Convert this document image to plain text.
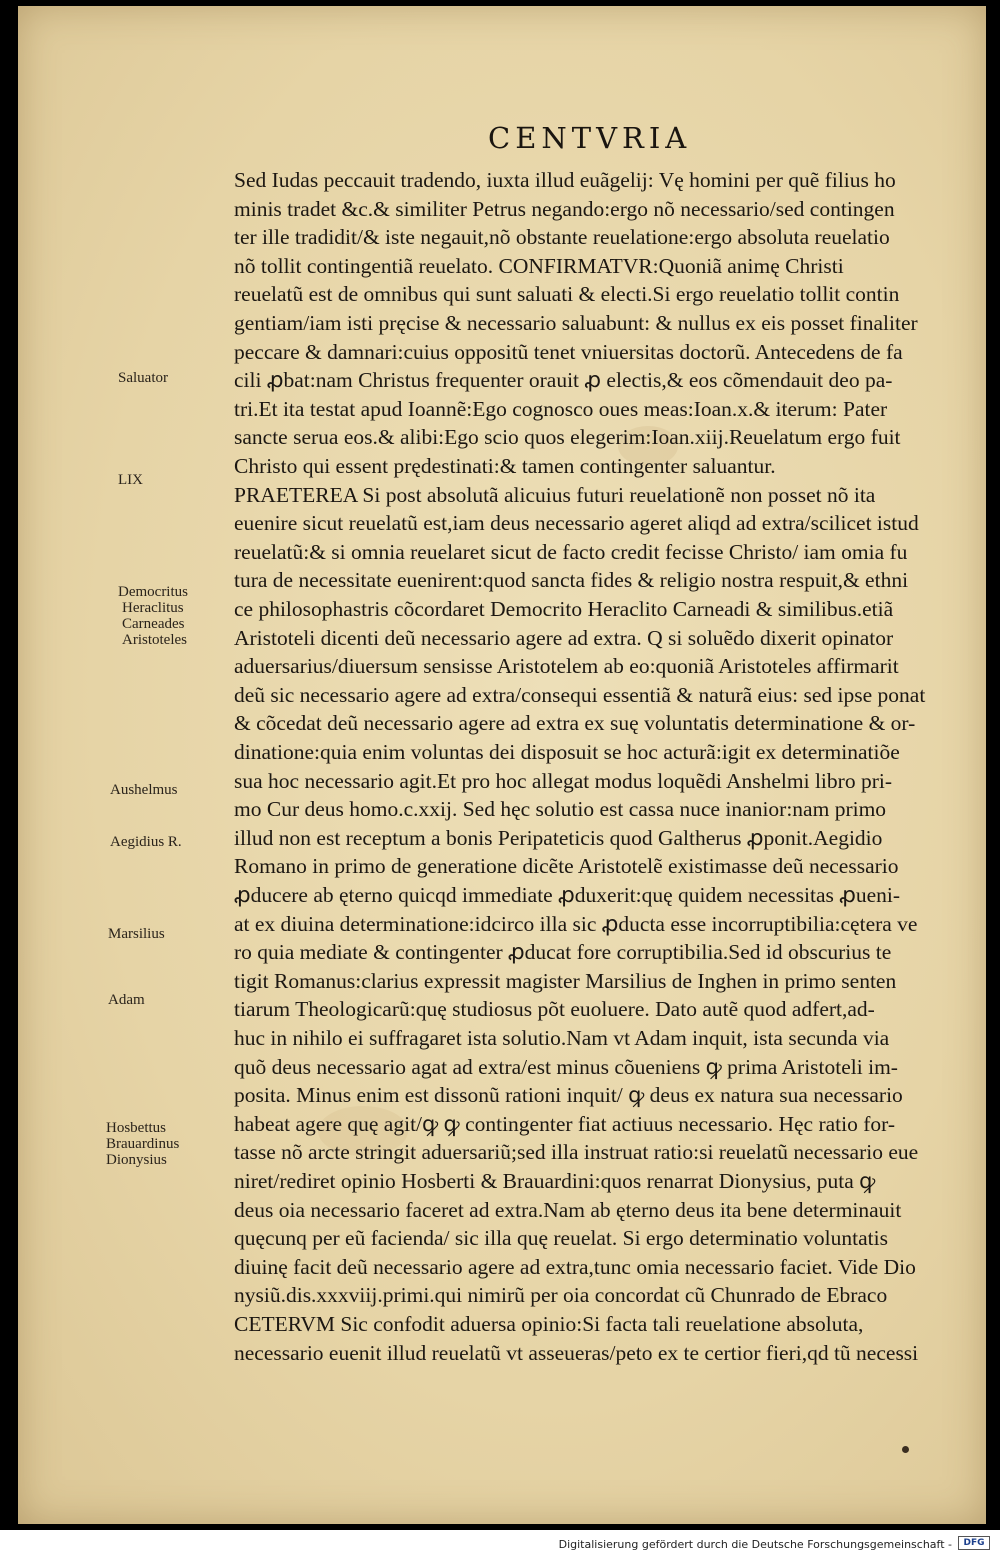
CENTVRIA
Saluator
LIX
Democritus
Heraclitus
Carneades
Aristoteles
Aushelmus
Aegidius R.
Marsilius
Adam
Hosbettus
Brauardinus
Dionysius
Sed Iudas peccauit tradendo, iuxta illud euãgelij: Vę homini per quẽ filius ho
minis tradet &c.& similiter Petrus negando:ergo nõ necessario/sed contingen
ter ille tradidit/& iste negauit,nõ obstante reuelatione:ergo absoluta reuelatio
nõ tollit contingentiã reuelato. CONFIRMATVR:Quoniã animę Christi
reuelatũ est de omnibus qui sunt saluati & electi.Si ergo reuelatio tollit contin
gentiam/iam isti pręcise & necessario saluabunt: & nullus ex eis posset finaliter
peccare & damnari:cuius oppositũ tenet vniuersitas doctorũ. Antecedens de fa
cili ꝓbat:nam Christus frequenter orauit ꝓ electis,& eos cõmendauit deo pa-
tri.Et ita testat apud Ioannẽ:Ego cognosco oues meas:Ioan.x.& iterum: Pater
sancte serua eos.& alibi:Ego scio quos elegerim:Ioan.xiij.Reuelatum ergo fuit
Christo qui essent prędestinati:& tamen contingenter saluantur.
PRAETEREA Si post absolutã alicuius futuri reuelationẽ non posset nõ ita
euenire sicut reuelatũ est,iam deus necessario ageret aliqd ad extra/scilicet istud
reuelatũ:& si omnia reuelaret sicut de facto credit fecisse Christo/ iam omia fu
tura de necessitate euenirent:quod sancta fides & religio nostra respuit,& ethni
ce philosophastris cõcordaret Democrito Heraclito Carneadi & similibus.etiã
Aristoteli dicenti deũ necessario agere ad extra. Q si soluẽdo dixerit opinator
aduersarius/diuersum sensisse Aristotelem ab eo:quoniã Aristoteles affirmarit
deũ sic necessario agere ad extra/consequi essentiã & naturã eius: sed ipse ponat
& cõcedat deũ necessario agere ad extra ex suę voluntatis determinatione & or-
dinatione:quia enim voluntas dei disposuit se hoc acturã:igit ex determinatiõe
sua hoc necessario agit.Et pro hoc allegat modus loquẽdi Anshelmi libro pri-
mo Cur deus homo.c.xxij. Sed hęc solutio est cassa nuce inanior:nam primo
illud non est receptum a bonis Peripateticis quod Galtherus ꝓponit.Aegidio
Romano in primo de generatione dicẽte Aristotelẽ existimasse deũ necessario
ꝓducere ab ęterno quicqd immediate ꝓduxerit:quę quidem necessitas ꝓueni-
at ex diuina determinatione:idcirco illa sic ꝓducta esse incorruptibilia:cętera ve
ro quia mediate & contingenter ꝓducat fore corruptibilia.Sed id obscurius te
tigit Romanus:clarius expressit magister Marsilius de Inghen in primo senten
tiarum Theologicarũ:quę studiosus põt euoluere. Dato autẽ quod adfert,ad-
huc in nihilo ei suffragaret ista solutio.Nam vt Adam inquit, ista secunda via
quõ deus necessario agat ad extra/est minus cõueniens ꝙ prima Aristoteli im-
posita. Minus enim est dissonũ rationi inquit/ ꝙ deus ex natura sua necessario
habeat agere quę agit/ꝙ ꝙ contingenter fiat actiuus necessario. Hęc ratio for-
tasse nõ arcte stringit aduersariũ;sed illa instruat ratio:si reuelatũ necessario eue
niret/rediret opinio Hosberti & Brauardini:quos renarrat Dionysius, puta ꝙ
deus oia necessario faceret ad extra.Nam ab ęterno deus ita bene determinauit
quęcunq per eũ facienda/ sic illa quę reuelat. Si ergo determinatio voluntatis
diuinę facit deũ necessario agere ad extra,tunc omia necessario faciet. Vide Dio
nysiũ.dis.xxxviij.primi.qui nimirũ per oia concordat cũ Chunrado de Ebraco
CETERVM Sic confodit aduersa opinio:Si facta tali reuelatione absoluta,
necessario euenit illud reuelatũ vt asseueras/peto ex te certior fieri,qd tũ necessi
Digitalisierung gefördert durch die Deutsche Forschungsgemeinschaft -	DFG
